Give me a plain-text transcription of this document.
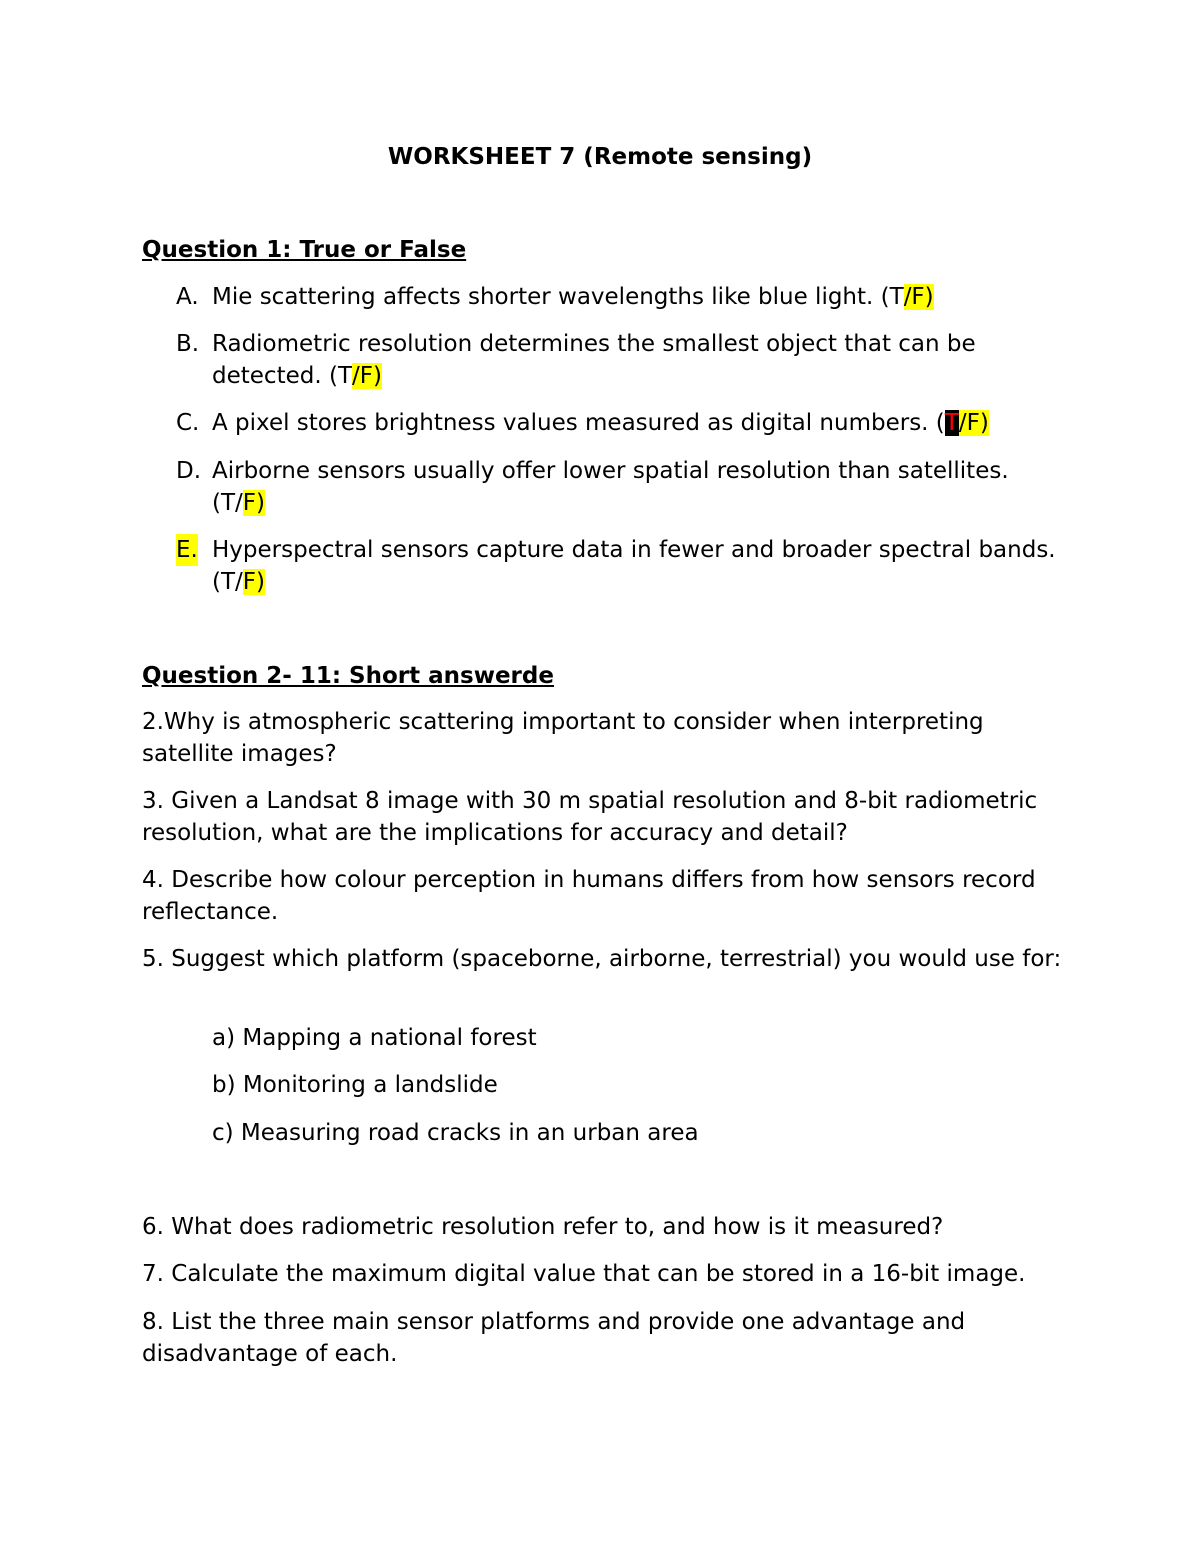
WORKSHEET 7 (Remote sensing)
Question 1: True or False
A. Mie scattering affects shorter wavelengths like blue light. (T/F)
B. Radiometric resolution determines the smallest object that can be detected. (T/F)
C. A pixel stores brightness values measured as digital numbers. (T/F)
D. Airborne sensors usually offer lower spatial resolution than satellites. (T/F)
E. Hyperspectral sensors capture data in fewer and broader spectral bands. (T/F)
Question 2- 11: Short answerde
2.Why is atmospheric scattering important to consider when interpreting satellite images?
3. Given a Landsat 8 image with 30 m spatial resolution and 8-bit radiometric resolution, what are the implications for accuracy and detail?
4. Describe how colour perception in humans differs from how sensors record reflectance.
5. Suggest which platform (spaceborne, airborne, terrestrial) you would use for:
a) Mapping a national forest
b) Monitoring a landslide
c) Measuring road cracks in an urban area
6. What does radiometric resolution refer to, and how is it measured?
7. Calculate the maximum digital value that can be stored in a 16-bit image.
8. List the three main sensor platforms and provide one advantage and disadvantage of each.
